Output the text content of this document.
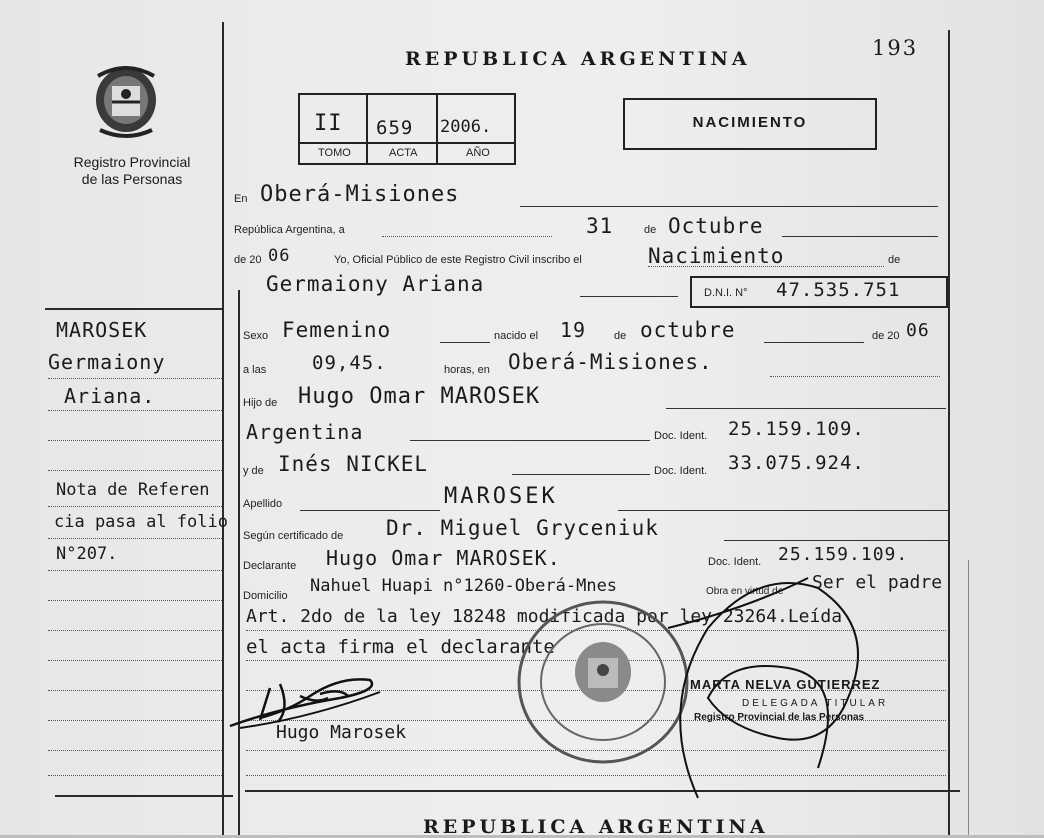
Registro Provincial
de las Personas
REPUBLICA ARGENTINA	193
REPUBLICA ARGENTINA
II 659 2006.
TOMO	ACTA	AÑO
NACIMIENTO
En Oberá-Misiones
República Argentina, a	31	de Octubre
de 20 06	Yo, Oficial Público de este Registro Civil inscribo el	Nacimiento	de
Germaiony Ariana	D.N.I. N° 47.535.751
Sexo Femenino	nacido el 19	de octubre	de 20 06
a las 09,45.	horas, en Oberá-Misiones.
Hijo de Hugo Omar MAROSEK
Argentina	Doc. Ident. 25.159.109.
y de Inés NICKEL	Doc. Ident. 33.075.924.
Apellido	MAROSEK
Según certificado de Dr. Miguel Gryceniuk
Declarante Hugo Omar MAROSEK.	Doc. Ident. 25.159.109.
Domicilio Nahuel Huapi n°1260-Oberá-Mnes	Obra en virtud de Ser el padre
Art. 2do de la ley 18248 modificada por ley 23264.Leída
el acta firma el declarante
MAROSEK
Germaiony
Ariana.
Nota de Referen
cia pasa al folio
N°207.
Hugo Marosek
MARTA NELVA GUTIERREZ
DELEGADA TITULAR
Registro Provincial de las Personas
